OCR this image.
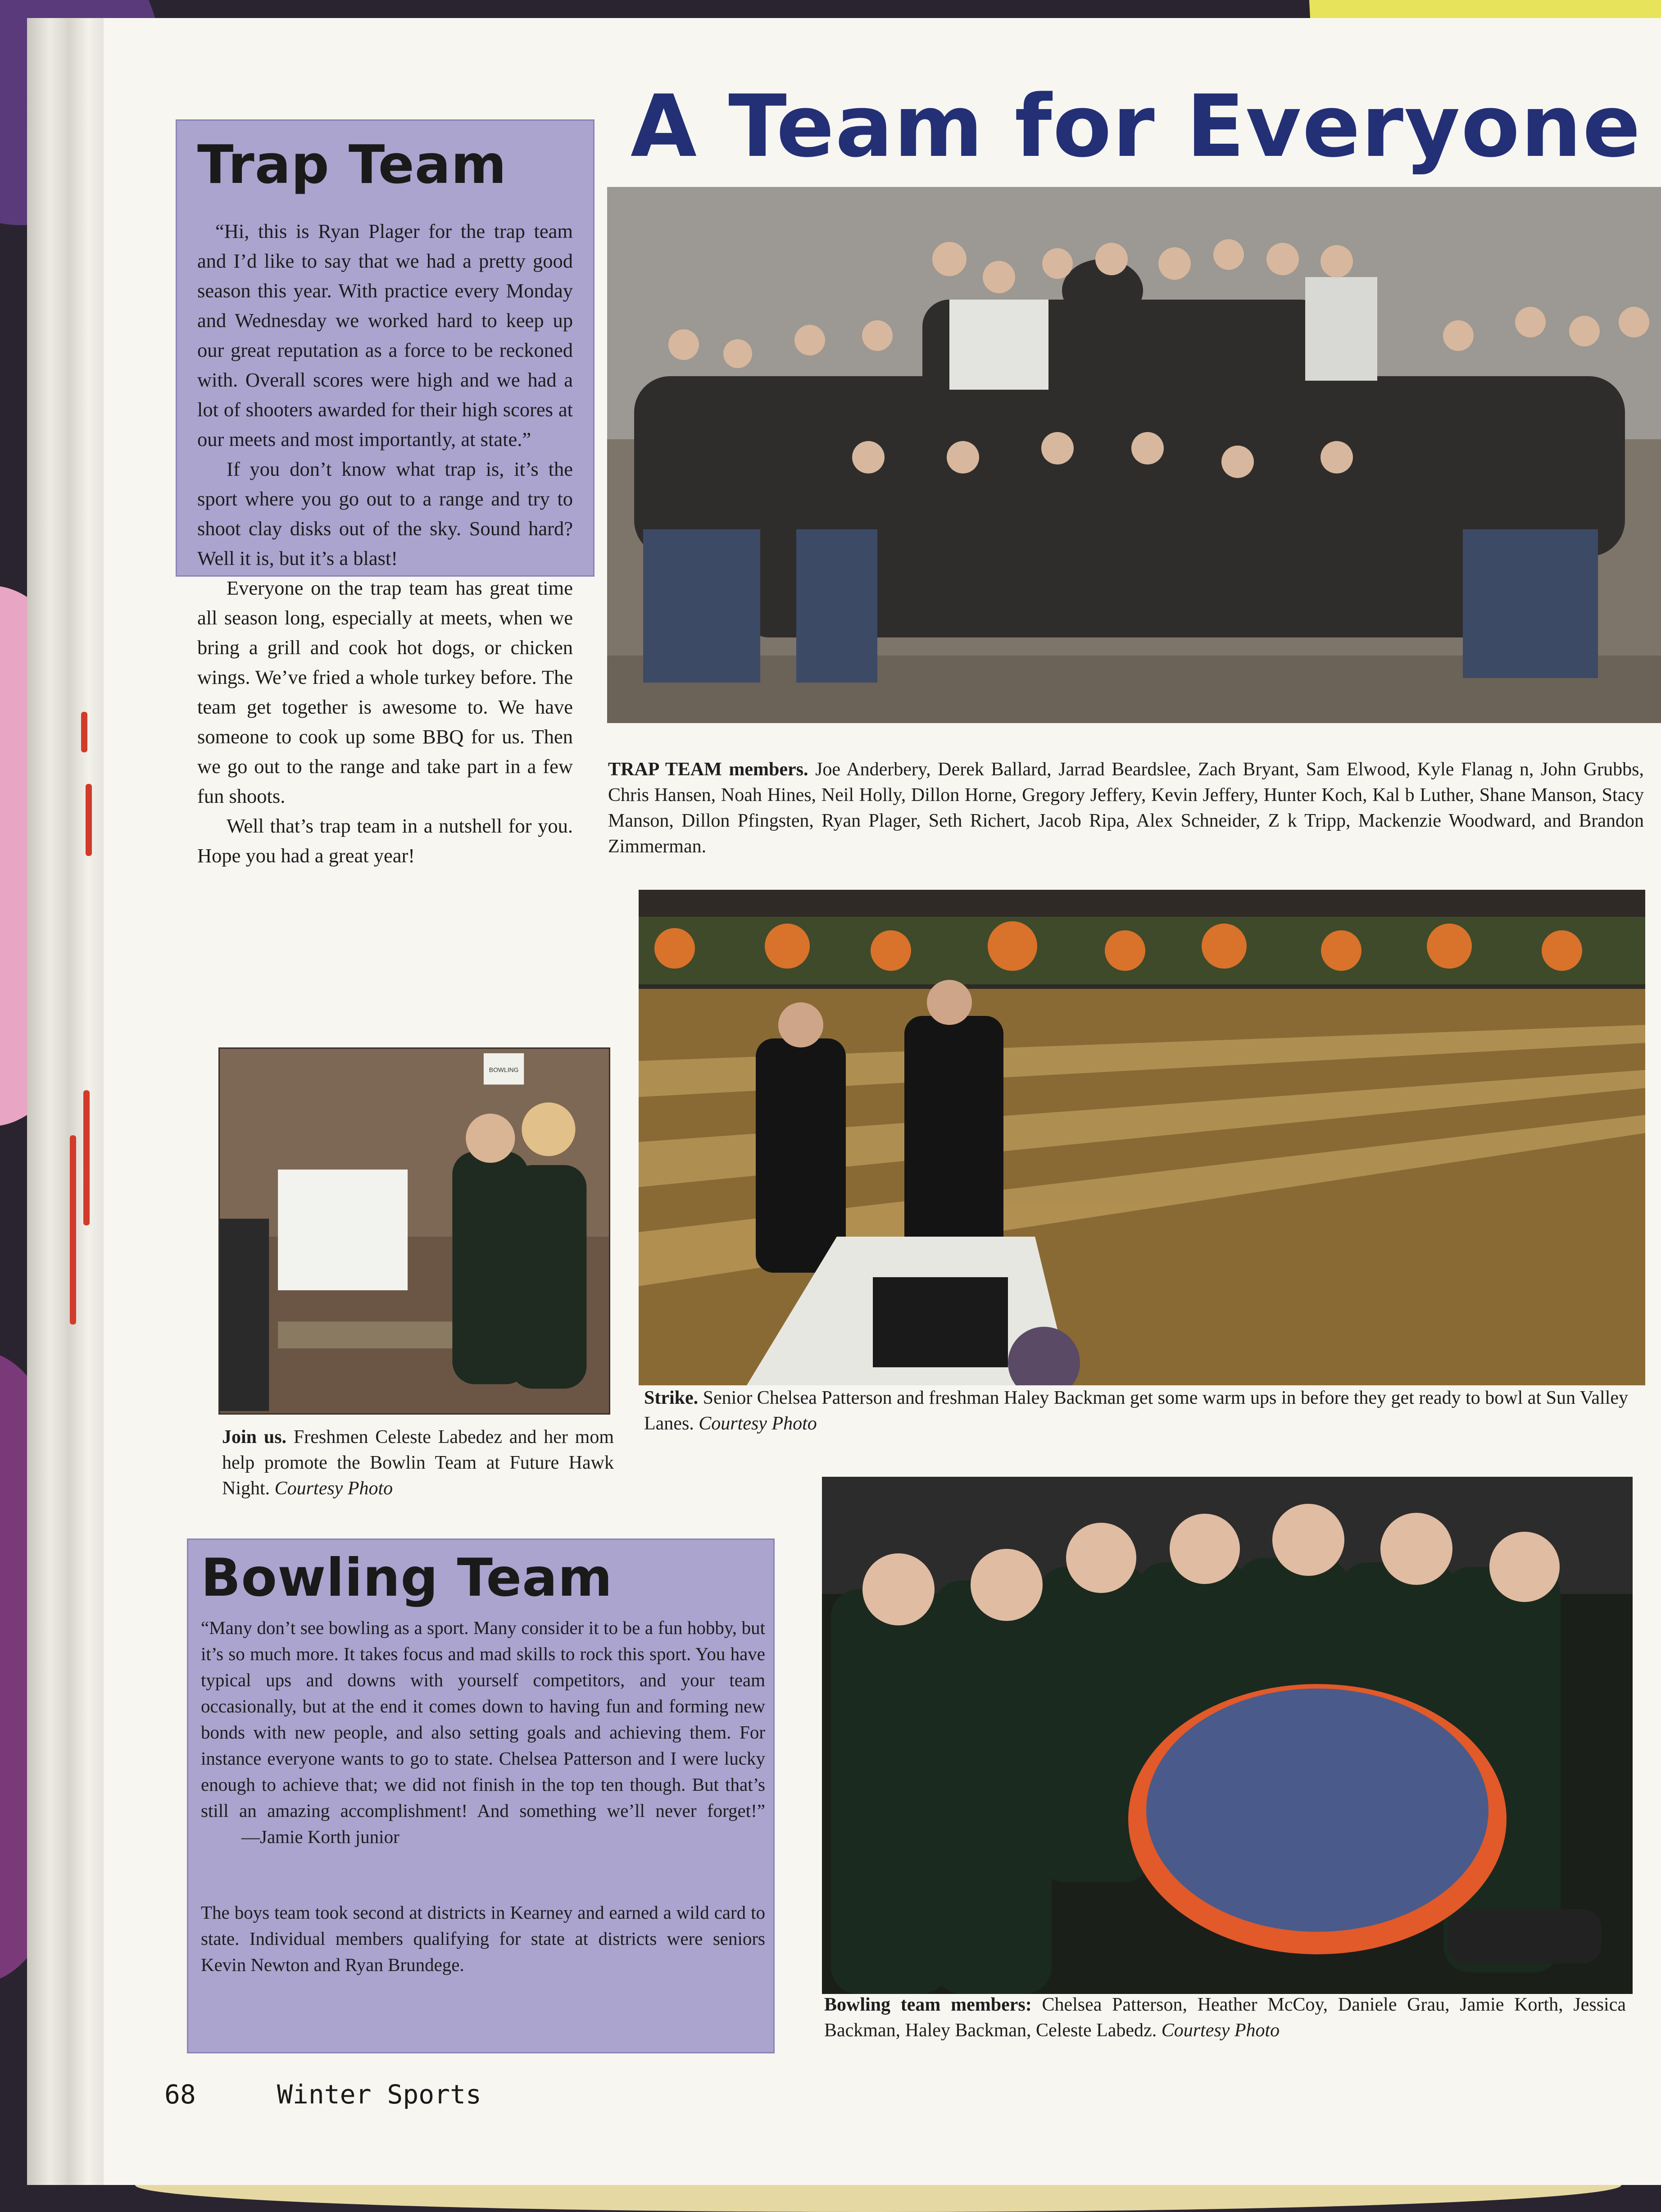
A Team for Everyone
Trap Team

“Hi, this is Ryan Plager for the trap team and I’d like to say that we had a pretty good season this year. With practice every Monday and Wednesday we worked hard to keep up our great reputation as a force to be reckoned with. Overall scores were high and we had a lot of shooters awarded for their high scores at our meets and most importantly, at state.”

If you don’t know what trap is, it’s the sport where you go out to a range and try to shoot clay disks out of the sky. Sound hard? Well it is, but it’s a blast!

Everyone on the trap team has great time all season long, especially at meets, when we bring a grill and cook hot dogs, or chicken wings. We’ve fried a whole turkey before. The team get together is awesome to. We have someone to cook up some BBQ for us. Then we go out to the range and take part in a few fun shoots.

Well that’s trap team in a nutshell for you. Hope you had a great year!

TRAP TEAM members. Joe Anderbery, Derek Ballard, Jarrad Beardslee, Zach Bryant, Sam Elwood, Kyle Flanag n, John Grubbs, Chris Hansen, Noah Hines, Neil Holly, Dillon Horne, Gregory Jeffery, Kevin Jeffery, Hunter Koch, Kal b Luther, Shane Manson, Stacy Manson, Dillon Pfingsten, Ryan Plager, Seth Richert, Jacob Ripa, Alex Schneider, Z k Tripp, Mackenzie Woodward, and Brandon Zimmerman.

Strike. Senior Chelsea Patterson and freshman Haley Backman get some warm ups in before they get ready to bowl at Sun Valley Lanes. Courtesy Photo

BOWLING

Join us. Freshmen Celeste Labedez and her mom help promote the Bowlin Team at Future Hawk Night. Courtesy Photo

Bowling Team
“Many don’t see bowling as a sport. Many consider it to be a fun hobby, but it’s so much more. It takes focus and mad skills to rock this sport. You have typical ups and downs with yourself competitors, and your team occasionally, but at the end it comes down to having fun and forming new bonds with new people, and also setting goals and achieving them. For instance everyone wants to go to state. Chelsea Patterson and I were lucky enough to achieve that; we did not finish in the top ten though. But that’s still an amazing accomplishment! And something we’ll never forget!” —Jamie Korth junior

The boys team took second at districts in Kearney and earned a wild card to state. Individual members qualifying for state at districts were seniors Kevin Newton and Ryan Brundege.

Bowling team members: Chelsea Patterson, Heather McCoy, Daniele Grau, Jamie Korth, Jessica Backman, Haley Backman, Celeste Labedz. Courtesy Photo

68	Winter Sports
